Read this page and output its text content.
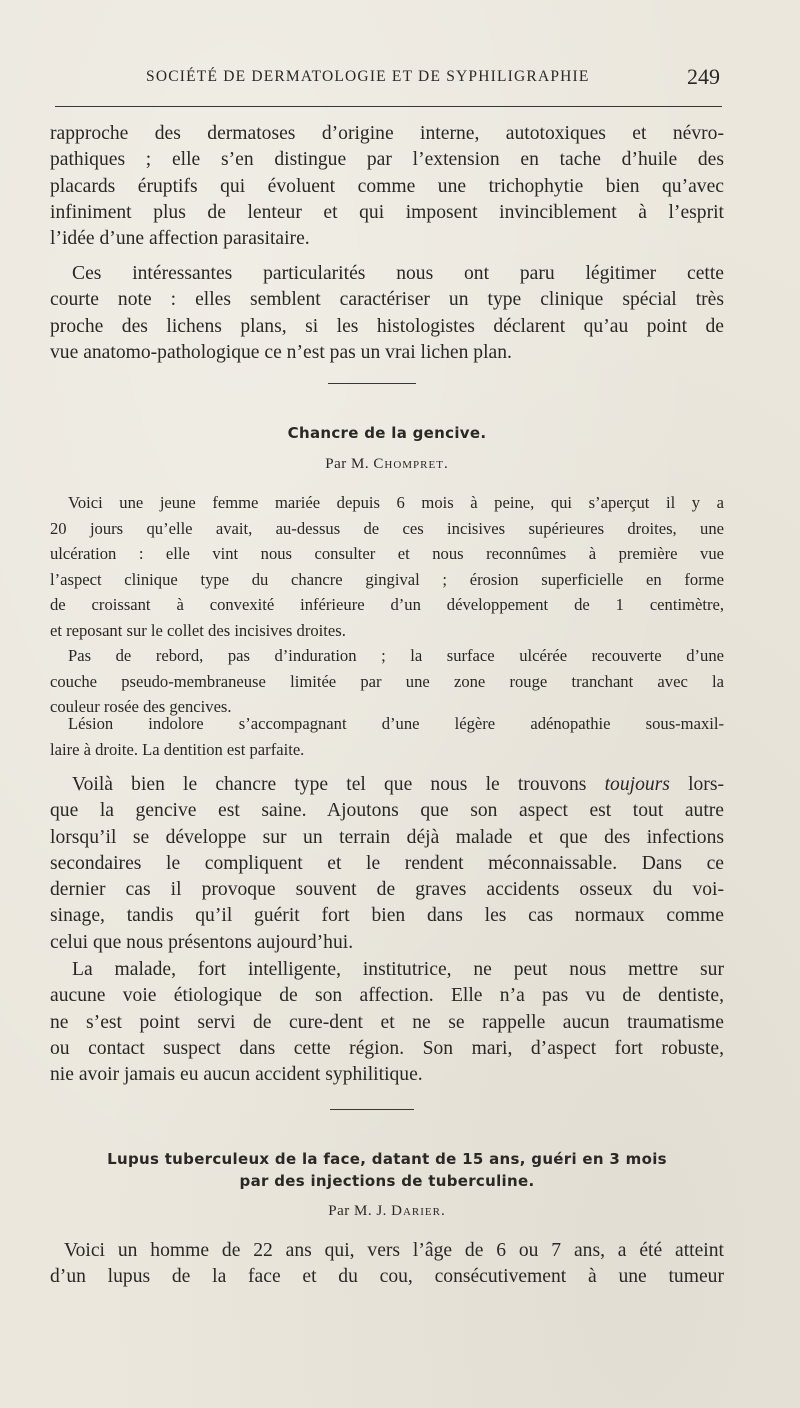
SOCIÉTÉ DE DERMATOLOGIE ET DE SYPHILIGRAPHIE	249
rapproche des dermatoses d’origine interne, autotoxiques et névro-
pathiques ; elle s’en distingue par l’extension en tache d’huile des
placards éruptifs qui évoluent comme une trichophytie bien qu’avec
infiniment plus de lenteur et qui imposent invinciblement à l’esprit
l’idée d’une affection parasitaire.
Ces intéressantes particularités nous ont paru légitimer cette
courte note : elles semblent caractériser un type clinique spécial très
proche des lichens plans, si les histologistes déclarent qu’au point de
vue anatomo-pathologique ce n’est pas un vrai lichen plan.
Chancre de la gencive.
Par M. Chompret.
Voici une jeune femme mariée depuis 6 mois à peine, qui s’aperçut il y a
20 jours qu’elle avait, au-dessus de ces incisives supérieures droites, une
ulcération : elle vint nous consulter et nous reconnûmes à première vue
l’aspect clinique type du chancre gingival ; érosion superficielle en forme
de croissant à convexité inférieure d’un développement de 1 centimètre,
et reposant sur le collet des incisives droites.
Pas de rebord, pas d’induration ; la surface ulcérée recouverte d’une
couche pseudo-membraneuse limitée par une zone rouge tranchant avec la
couleur rosée des gencives.
Lésion indolore s’accompagnant d’une légère adénopathie sous-maxil-
laire à droite. La dentition est parfaite.
Voilà bien le chancre type tel que nous le trouvons toujours lors-
que la gencive est saine. Ajoutons que son aspect est tout autre
lorsqu’il se développe sur un terrain déjà malade et que des infections
secondaires le compliquent et le rendent méconnaissable. Dans ce
dernier cas il provoque souvent de graves accidents osseux du voi-
sinage, tandis qu’il guérit fort bien dans les cas normaux comme
celui que nous présentons aujourd’hui.
La malade, fort intelligente, institutrice, ne peut nous mettre sur
aucune voie étiologique de son affection. Elle n’a pas vu de dentiste,
ne s’est point servi de cure-dent et ne se rappelle aucun traumatisme
ou contact suspect dans cette région. Son mari, d’aspect fort robuste,
nie avoir jamais eu aucun accident syphilitique.
Lupus tuberculeux de la face, datant de 15 ans, guéri en 3 mois
par des injections de tuberculine.
Par M. J. Darier.
Voici un homme de 22 ans qui, vers l’âge de 6 ou 7 ans, a été atteint
d’un lupus de la face et du cou, consécutivement à une tumeur
